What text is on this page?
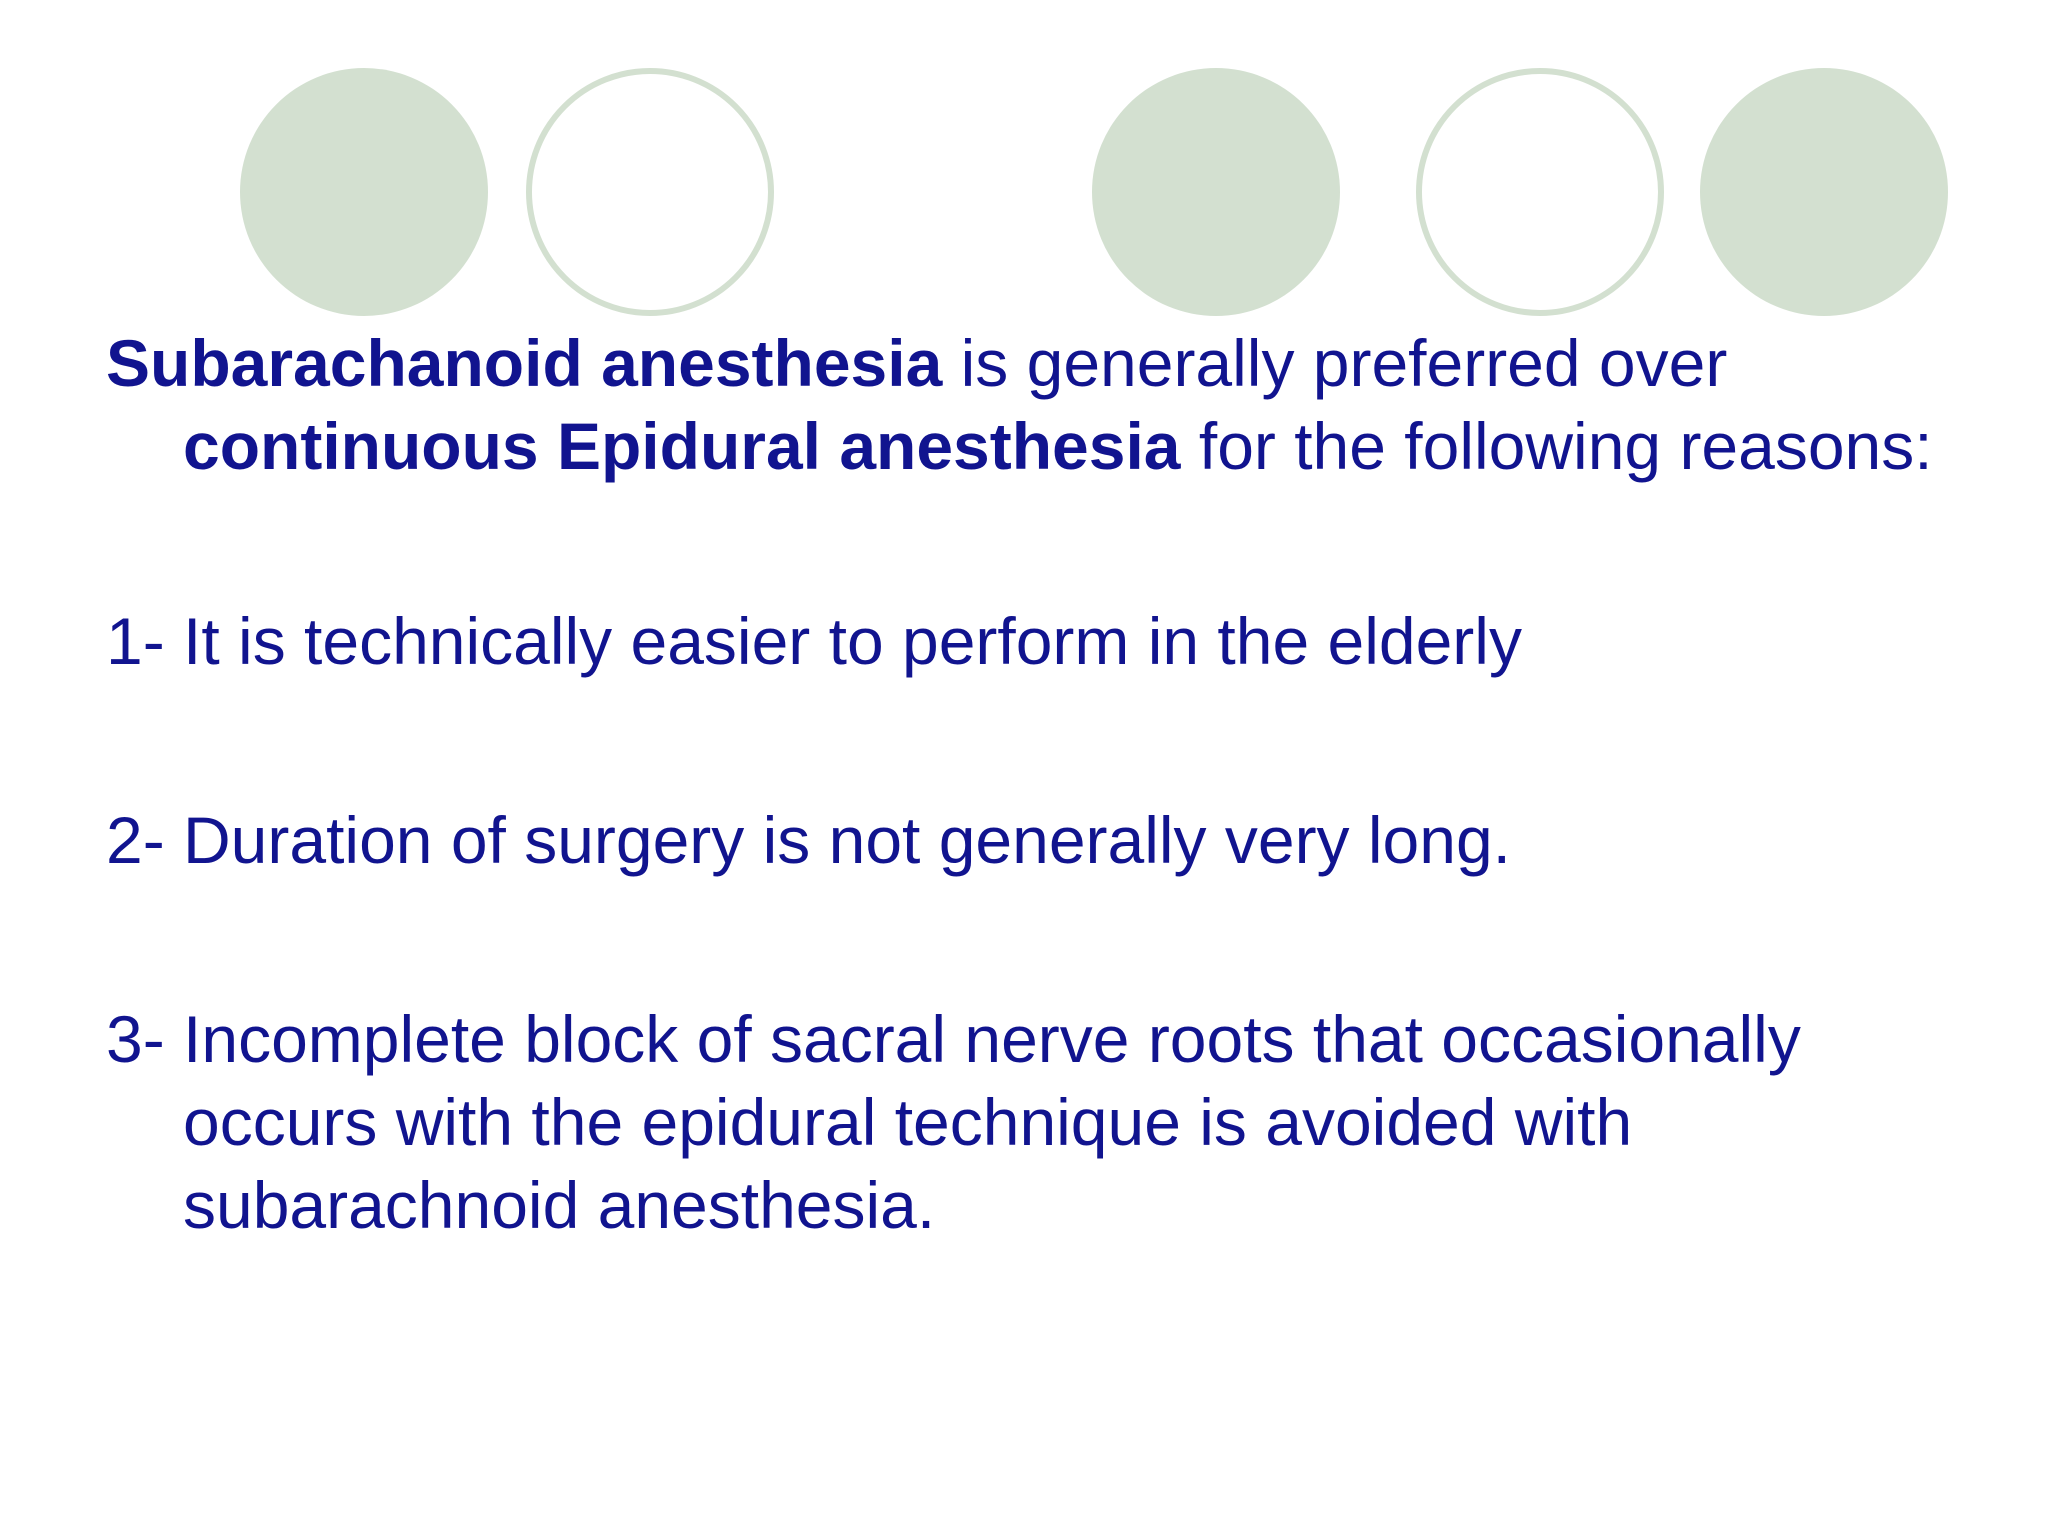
Subarachanoid anesthesia is generally preferred over continuous Epidural anesthesia for the following reasons:

1- It is technically easier to perform in the elderly

2- Duration of surgery is not generally very long.

3- Incomplete block of sacral nerve roots that occasionally occurs with the epidural technique is avoided with subarachnoid anesthesia.
